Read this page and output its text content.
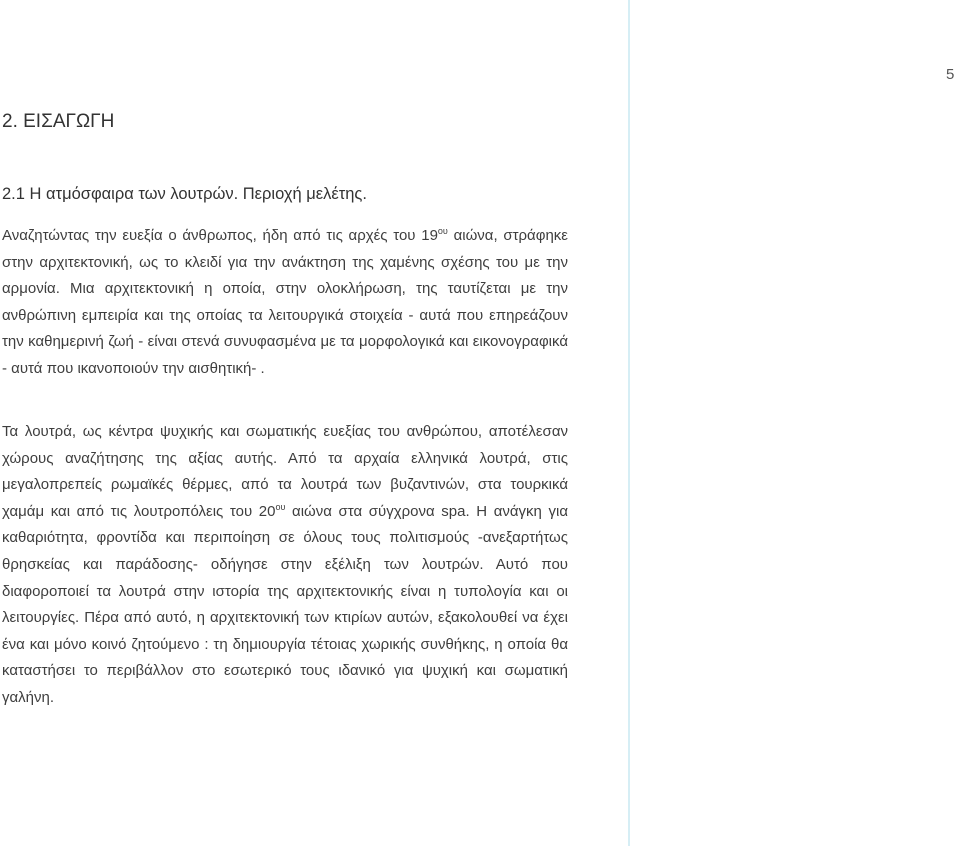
5
2. ΕΙΣΑΓΩΓΗ
2.1 Η ατμόσφαιρα των λουτρών. Περιοχή μελέτης.

Αναζητώντας την ευεξία ο άνθρωπος, ήδη από τις αρχές του $19^{o\upsilon}$ αιώνα, στράφηκε στην αρχιτεκτονική, ως το κλειδί για την ανάκτηση της χαμένης σχέσης του με την αρμονία. Μια αρχιτεκτονική η οποία, στην ολοκλήρωση, της ταυτίζεται με την ανθρώπινη εμπειρία και της οποίας τα λειτουργικά στοιχεία - αυτά που επηρεάζουν την καθημερινή ζωή - είναι στενά συνυφασμένα με τα μορφολογικά και εικονογραφικά - αυτά που ικανοποιούν την αισθητική- .

Τα λουτρά, ως κέντρα ψυχικής και σωματικής ευεξίας του ανθρώπου, αποτέλεσαν χώρους αναζήτησης της αξίας αυτής. Από τα αρχαία ελληνικά λουτρά, στις μεγαλοπρεπείς ρωμαϊκές θέρμες, από τα λουτρά των βυζαντινών, στα τουρκικά χαμάμ και από τις λουτροπόλεις του $20^{o\upsilon}$ αιώνα στα σύγχρονα spa. Η ανάγκη για καθαριότητα, φροντίδα και περιποίηση σε όλους τους πολιτισμούς -ανεξαρτήτως θρησκείας και παράδοσης- οδήγησε στην εξέλιξη των λουτρών. Αυτό που διαφοροποιεί τα λουτρά στην ιστορία της αρχιτεκτονικής είναι η τυπολογία και οι λειτουργίες. Πέρα από αυτό, η αρχιτεκτονική των κτιρίων αυτών, εξακολουθεί να έχει ένα και μόνο κοινό ζητούμενο : τη δημιουργία τέτοιας χωρικής συνθήκης, η οποία θα καταστήσει το περιβάλλον στο εσωτερικό τους ιδανικό για ψυχική και σωματική γαλήνη.
